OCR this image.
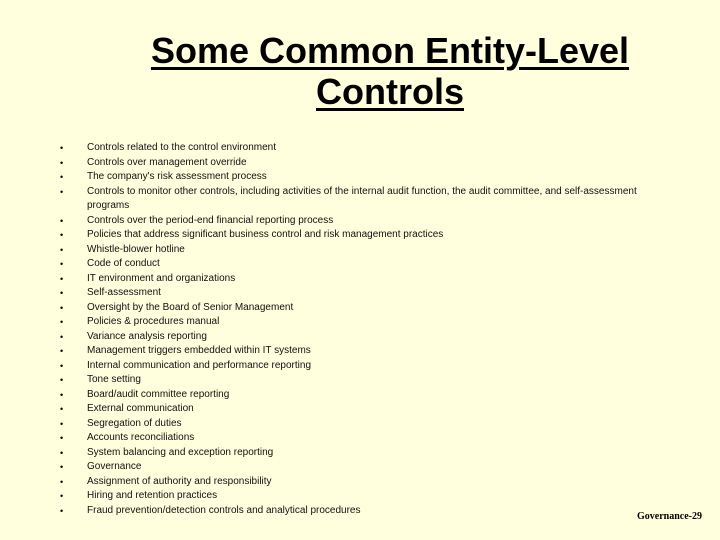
Some Common Entity-Level
Controls
•	Controls related to the control environment
•	Controls over management override
•	The company's risk assessment process
•	Controls to monitor other controls, including activities of the internal audit function, the audit committee, and self-assessment programs
•	Controls over the period-end financial reporting process
•	Policies that address significant business control and risk management practices
•	Whistle-blower hotline
•	Code of conduct
•	IT environment and organizations
•	Self-assessment
•	Oversight by the Board of Senior Management
•	Policies & procedures manual
•	Variance analysis reporting
•	Management triggers embedded within IT systems
•	Internal communication and performance reporting
•	Tone setting
•	Board/audit committee reporting
•	External communication
•	Segregation of duties
•	Accounts reconciliations
•	System balancing and exception reporting
•	Governance
•	Assignment of authority and responsibility
•	Hiring and retention practices
•	Fraud prevention/detection controls and analytical procedures
Governance-29
